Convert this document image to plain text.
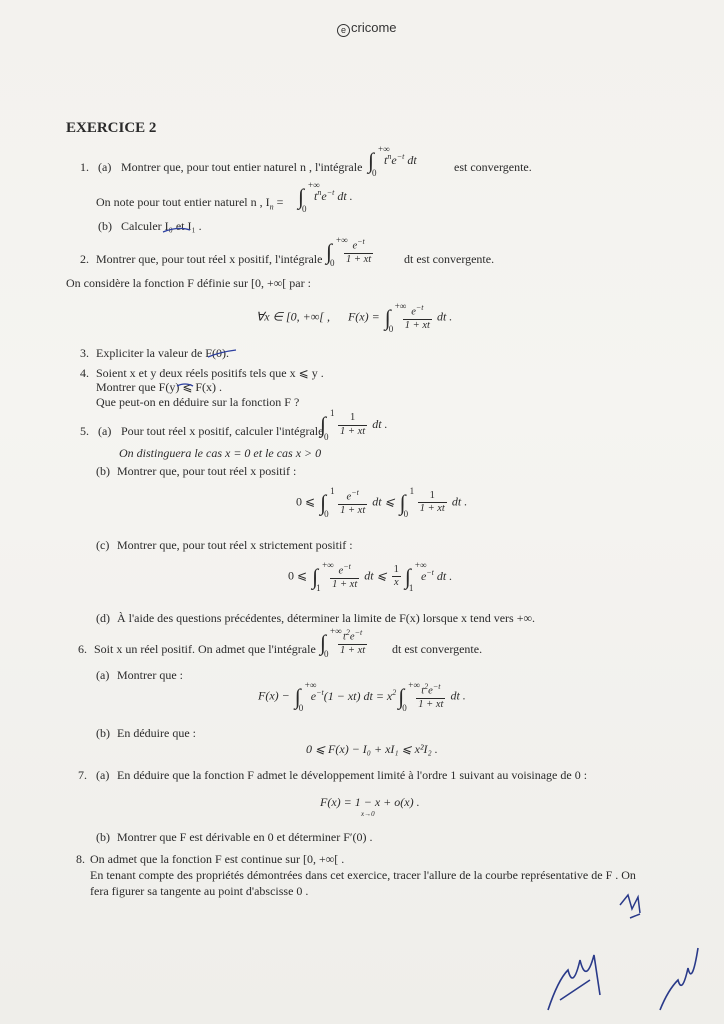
e cricome
EXERCICE 2
1. (a) Montrer que, pour tout entier naturel n , l'intégrale ∫ +∞
0
$t^ne^{-t}$ dt
est convergente.
On note pour tout entier naturel n , $I_n$ = ∫ +∞
0
$t^ne^{-t}$ dt .
(b) Calculer I₀ et I₁ .
2. Montrer que, pour tout réel x positif, l'intégrale ∫ +∞
$0 \frac{e^{-t}}{1 + xt}$	dt est convergente.
On considère la fonction F définie sur [0, +∞[ par :
∀x ∈ [0, +∞[ ,      F(x) = ∫ +∞
$0 \frac{e^{-t}}{1 + xt}$ dt .
3. Expliciter la valeur de F(0).
4. Soient x et y deux réels positifs tels que x ⩽ y .
Montrer que F(y) ⩽ F(x) .
Que peut-on en déduire sur la fonction F ?
5. (a) Pour tout réel x positif, calculer l'intégrale
∫ 1
$0 \frac{1}{1 + xt}$ dt .
On distinguera le cas x = 0 et le cas x > 0
(b) Montrer que, pour tout réel x positif :
0 ⩽ ∫ 1
$0 \frac{e^{-t}}{1 + xt}$ dt ⩽ ∫ 1
$0 \frac{1}{1 + xt}$ dt .
(c) Montrer que, pour tout réel x strictement positif :
0 ⩽ ∫ +∞
$1 \frac{e^{-t}}{1 + xt}$ dt ⩽ $\frac{1}{x}$ ∫ +∞
1
$e^{-t}$ dt .
(d) À l'aide des questions précédentes, déterminer la limite de F(x) lorsque x tend vers +∞.
6. Soit x un réel positif. On admet que l'intégrale ∫ +∞
$0 \frac{t^2e^{-t}}{1 + xt}$ dt est convergente.
(a) Montrer que :
F(x) − ∫ +∞
0
$e^{-t}(1 - xt)$ dt = $x^2\int$ +∞
$0 \frac{t^2e^{-t}}{1 + xt}$ dt .
(b) En déduire que :
0 ⩽ F(x) − I₀ + xI₁ ⩽ x²I₂ .
7. (a) En déduire que la fonction F admet le développement limité à l'ordre 1 suivant au voisinage de 0 :
F(x) = 1 − x + o(x) .
x→0
(b) Montrer que F est dérivable en 0 et déterminer F′(0) .
8. On admet que la fonction F est continue sur [0, +∞[ .
En tenant compte des propriétés démontrées dans cet exercice, tracer l'allure de la courbe représentative de F . On
fera figurer sa tangente au point d'abscisse 0 .
